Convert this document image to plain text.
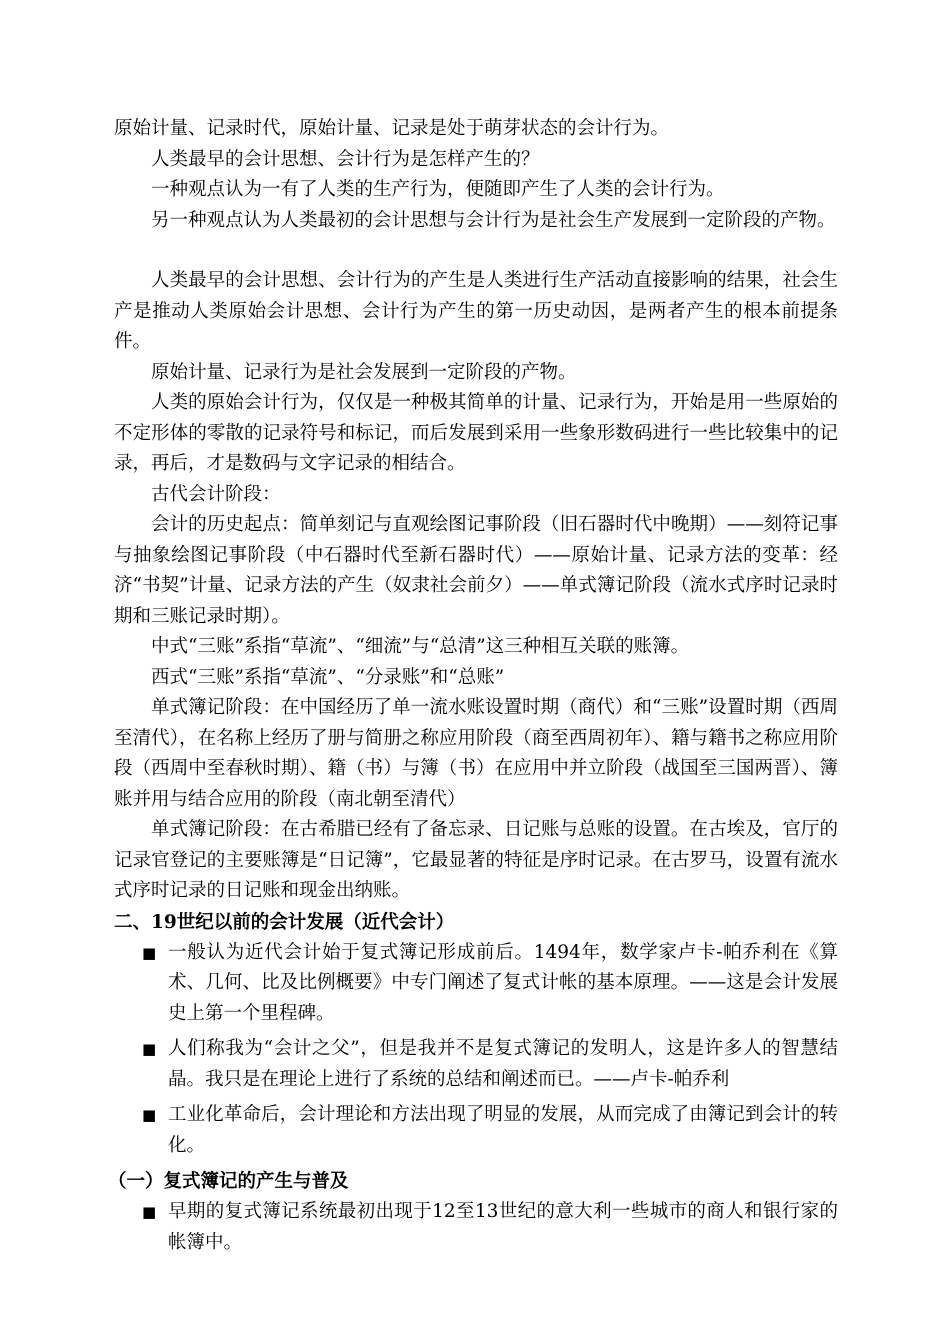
原始计量、记录时代，原始计量、记录是处于萌芽状态的会计行为。

人类最早的会计思想、会计行为是怎样产生的？

一种观点认为一有了人类的生产行为，便随即产生了人类的会计行为。

另一种观点认为人类最初的会计思想与会计行为是社会生产发展到一定阶段的产物。

人类最早的会计思想、会计行为的产生是人类进行生产活动直接影响的结果，社会生产是推动人类原始会计思想、会计行为产生的第一历史动因，是两者产生的根本前提条件。

原始计量、记录行为是社会发展到一定阶段的产物。

人类的原始会计行为，仅仅是一种极其简单的计量、记录行为，开始是用一些原始的不定形体的零散的记录符号和标记，而后发展到采用一些象形数码进行一些比较集中的记录，再后，才是数码与文字记录的相结合。

古代会计阶段：

会计的历史起点：简单刻记与直观绘图记事阶段（旧石器时代中晚期）——刻符记事与抽象绘图记事阶段（中石器时代至新石器时代）——原始计量、记录方法的变革：经济“书契”计量、记录方法的产生（奴隶社会前夕）——单式簿记阶段（流水式序时记录时期和三账记录时期）。

中式“三账”系指“草流”、“细流”与“总清”这三种相互关联的账簿。

西式“三账”系指“草流”、“分录账”和“总账”

单式簿记阶段：在中国经历了单一流水账设置时期（商代）和“三账”设置时期（西周至清代），在名称上经历了册与简册之称应用阶段（商至西周初年）、籍与籍书之称应用阶段（西周中至春秋时期）、籍（书）与簿（书）在应用中并立阶段（战国至三国两晋）、簿账并用与结合应用的阶段（南北朝至清代）

单式簿记阶段：在古希腊已经有了备忘录、日记账与总账的设置。在古埃及，官厅的记录官登记的主要账簿是“日记簿”，它最显著的特征是序时记录。在古罗马，设置有流水式序时记录的日记账和现金出纳账。

二、19世纪以前的会计发展（近代会计）

■ 一般认为近代会计始于复式簿记形成前后。1494年，数学家卢卡-帕乔利在《算术、几何、比及比例概要》中专门阐述了复式计帐的基本原理。——这是会计发展史上第一个里程碑。
■ 人们称我为“会计之父”，但是我并不是复式簿记的发明人，这是许多人的智慧结晶。我只是在理论上进行了系统的总结和阐述而已。——卢卡-帕乔利
■ 工业化革命后，会计理论和方法出现了明显的发展，从而完成了由簿记到会计的转化。

（一）复式簿记的产生与普及

■ 早期的复式簿记系统最初出现于12至13世纪的意大利一些城市的商人和银行家的帐簿中。
